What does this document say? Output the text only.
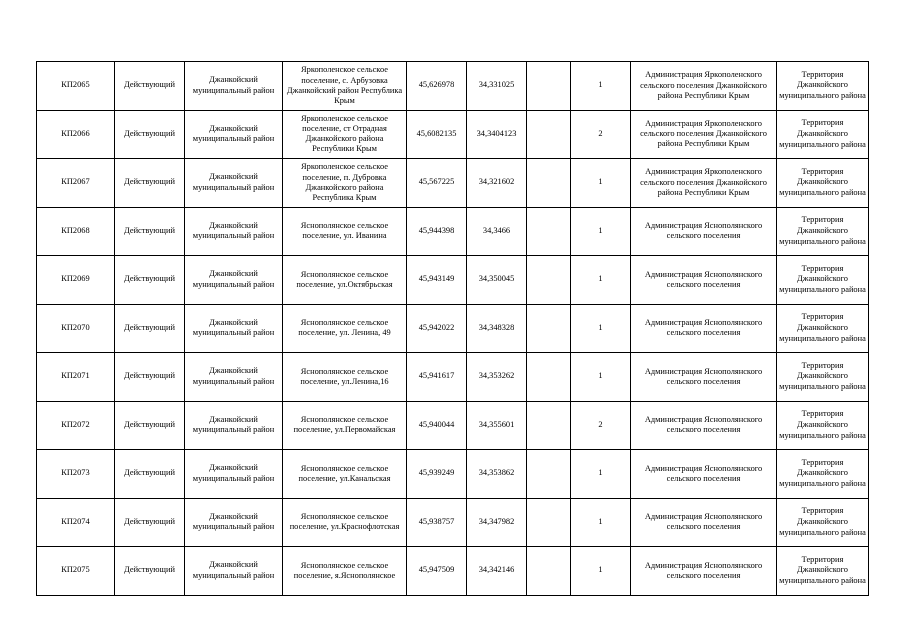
КП2065	Действующий	Джанкойский муниципальный район	Яркополенское сельское поселение, с. Арбузовка Джанкойский район Республика Крым	45,626978	34,331025		1	Администрация Яркополенского сельского поселения Джанкойского района Республики Крым	Территория Джанкойского муниципального района
КП2066	Действующий	Джанкойский муниципальный район	Яркополенское сельское поселение, ст Отрадная Джанкойского района Республики Крым	45,6082135	34,3404123		2	Администрация Яркополенского сельского поселения Джанкойского района Республики Крым	Территория Джанкойского муниципального района
КП2067	Действующий	Джанкойский муниципальный район	Яркополенское сельское поселение, п. Дубровка Джанкойского района Республика Крым	45,567225	34,321602		1	Администрация Яркополенского сельского поселения Джанкойского района Республики Крым	Территория Джанкойского муниципального района
КП2068	Действующий	Джанкойский муниципальный район	Яснополянское сельское поселение, ул. Иванина	45,944398	34,3466		1	Администрация Яснополянского сельского поселения	Территория Джанкойского муниципального района
КП2069	Действующий	Джанкойский муниципальный район	Яснополянское сельское поселение, ул.Октябрьская	45,943149	34,350045		1	Администрация Яснополянского сельского поселения	Территория Джанкойского муниципального района
КП2070	Действующий	Джанкойский муниципальный район	Яснополянское сельское поселение, ул. Ленина, 49	45,942022	34,348328		1	Администрация Яснополянского сельского поселения	Территория Джанкойского муниципального района
КП2071	Действующий	Джанкойский муниципальный район	Яснополянское сельское поселение, ул.Ленина,16	45,941617	34,353262		1	Администрация Яснополянского сельского поселения	Территория Джанкойского муниципального района
КП2072	Действующий	Джанкойский муниципальный район	Яснополянское сельское поселение, ул.Первомайская	45,940044	34,355601		2	Администрация Яснополянского сельского поселения	Территория Джанкойского муниципального района
КП2073	Действующий	Джанкойский муниципальный район	Яснополянское сельское поселение, ул.Канальская	45,939249	34,353862		1	Администрация Яснополянского сельского поселения	Территория Джанкойского муниципального района
КП2074	Действующий	Джанкойский муниципальный район	Яснополянское сельское поселение, ул.Краснофлотская	45,938757	34,347982		1	Администрация Яснополянского сельского поселения	Территория Джанкойского муниципального района
КП2075	Действующий	Джанкойский муниципальный район	Яснополянское сельское поселение, я.Яснополянское	45,947509	34,342146		1	Администрация Яснополянского сельского поселения	Территория Джанкойского муниципального района
